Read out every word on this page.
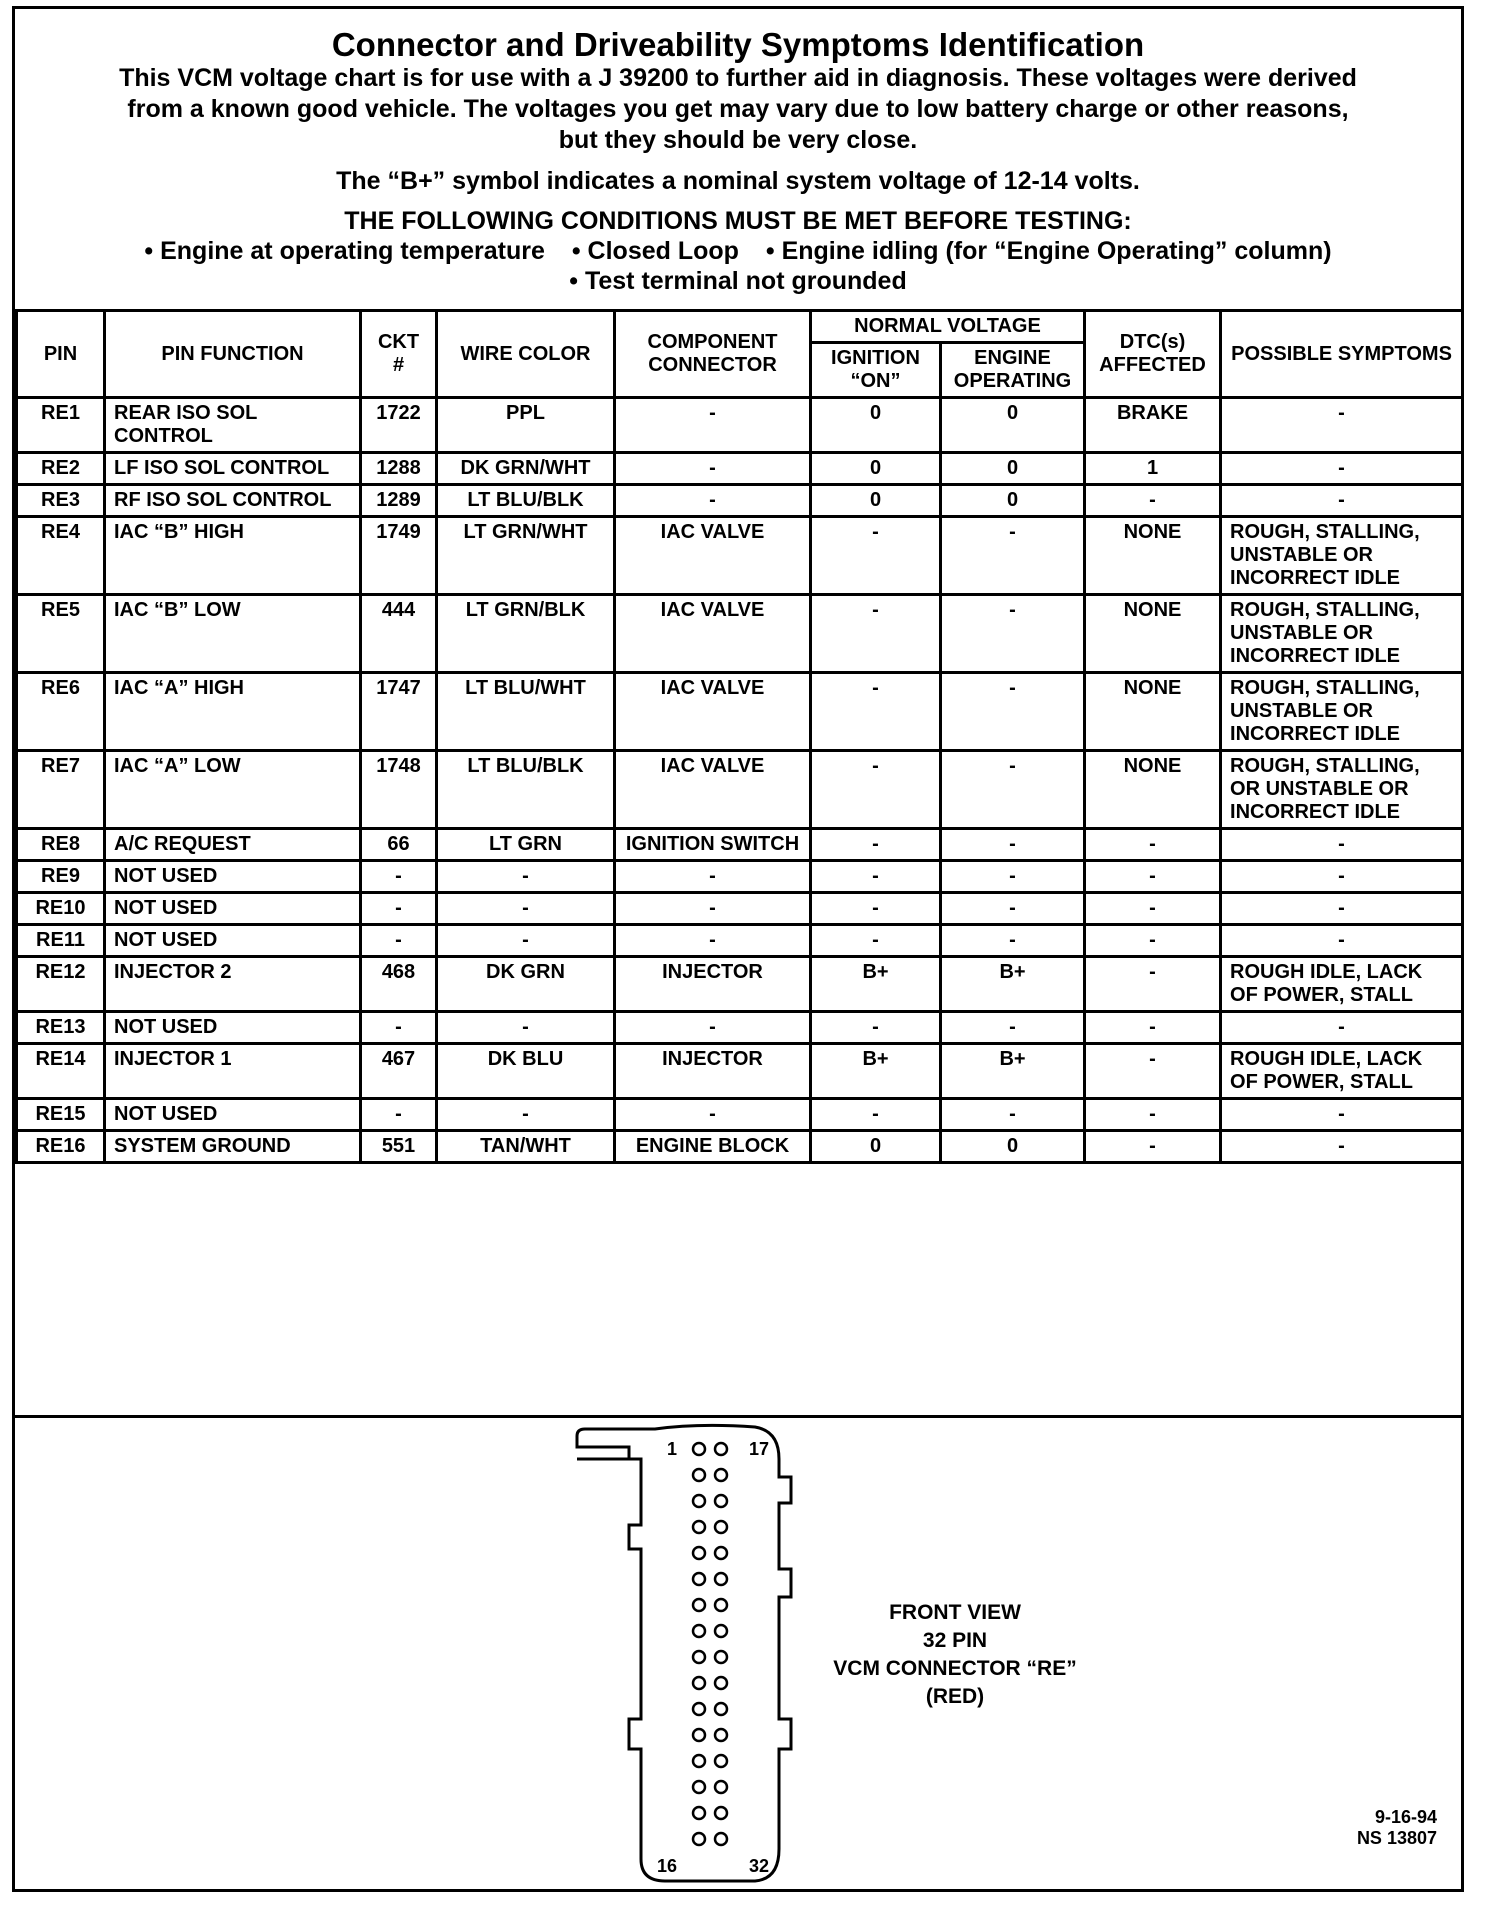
Connector and Driveability Symptoms Identification
This VCM voltage chart is for use with a J 39200 to further aid in diagnosis. These voltages were derived
from a known good vehicle. The voltages you get may vary due to low battery charge or other reasons,
but they should be very close.
The “B+” symbol indicates a nominal system voltage of 12-14 volts.
THE FOLLOWING CONDITIONS MUST BE MET BEFORE TESTING:
• Engine at operating temperature • Closed Loop • Engine idling (for “Engine Operating” column)
• Test terminal not grounded
PIN	PIN FUNCTION	CKT #	WIRE COLOR	COMPONENT CONNECTOR	NORMAL VOLTAGE		DTC(s) AFFECTED	POSSIBLE SYMPTOMS
					IGNITION “ON”	ENGINE OPERATING		
RE1	REAR ISO SOL CONTROL	1722	PPL	-	0	0	BRAKE	-
RE2	LF ISO SOL CONTROL	1288	DK GRN/WHT	-	0	0	1	-
RE3	RF ISO SOL CONTROL	1289	LT BLU/BLK	-	0	0	-	-
RE4	IAC “B” HIGH	1749	LT GRN/WHT	IAC VALVE	-	-	NONE	ROUGH, STALLING, UNSTABLE OR INCORRECT IDLE
RE5	IAC “B” LOW	444	LT GRN/BLK	IAC VALVE	-	-	NONE	ROUGH, STALLING, UNSTABLE OR INCORRECT IDLE
RE6	IAC “A” HIGH	1747	LT BLU/WHT	IAC VALVE	-	-	NONE	ROUGH, STALLING, UNSTABLE OR INCORRECT IDLE
RE7	IAC “A” LOW	1748	LT BLU/BLK	IAC VALVE	-	-	NONE	ROUGH, STALLING, OR UNSTABLE OR INCORRECT IDLE
RE8	A/C REQUEST	66	LT GRN	IGNITION SWITCH	-	-	-	-
RE9	NOT USED	-	-	-	-	-	-	-
RE10	NOT USED	-	-	-	-	-	-	-
RE11	NOT USED	-	-	-	-	-	-	-
RE12	INJECTOR 2	468	DK GRN	INJECTOR	B+	B+	-	ROUGH IDLE, LACK OF POWER, STALL
RE13	NOT USED	-	-	-	-	-	-	-
RE14	INJECTOR 1	467	DK BLU	INJECTOR	B+	B+	-	ROUGH IDLE, LACK OF POWER, STALL
RE15	NOT USED	-	-	-	-	-	-	-
RE16	SYSTEM GROUND	551	TAN/WHT	ENGINE BLOCK	0	0	-	-
1	17
16	32
FRONT VIEW
32 PIN
VCM CONNECTOR “RE”
(RED)
9-16-94
NS 13807
